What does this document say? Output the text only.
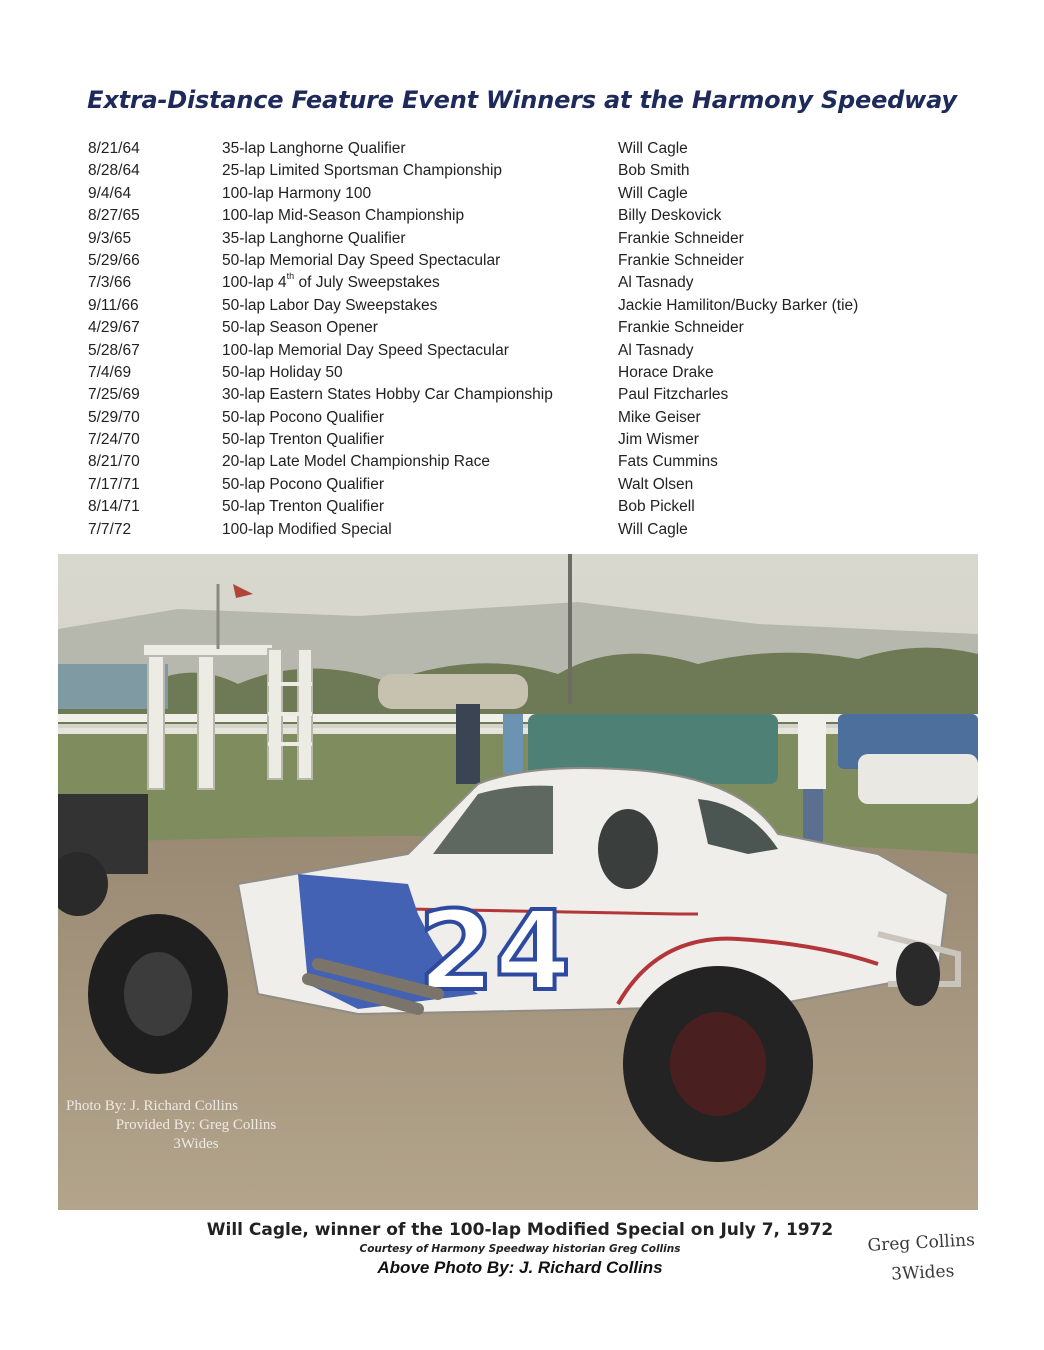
Extra-Distance Feature Event Winners at the Harmony Speedway
8/21/64	35-lap Langhorne Qualifier	Will Cagle
8/28/64	25-lap Limited Sportsman Championship	Bob Smith
9/4/64	100-lap Harmony 100	Will Cagle
8/27/65	100-lap Mid-Season Championship	Billy Deskovick
9/3/65	35-lap Langhorne Qualifier	Frankie Schneider
5/29/66	50-lap Memorial Day Speed Spectacular	Frankie Schneider
7/3/66	100-lap 4th of July Sweepstakes	Al Tasnady
9/11/66	50-lap Labor Day Sweepstakes	Jackie Hamiliton/Bucky Barker (tie)
4/29/67	50-lap Season Opener	Frankie Schneider
5/28/67	100-lap Memorial Day Speed Spectacular	Al Tasnady
7/4/69	50-lap Holiday 50	Horace Drake
7/25/69	30-lap Eastern States Hobby Car Championship	Paul Fitzcharles
5/29/70	50-lap Pocono Qualifier	Mike Geiser
7/24/70	50-lap Trenton Qualifier	Jim Wismer
8/21/70	20-lap Late Model Championship Race	Fats Cummins
7/17/71	50-lap Pocono Qualifier	Walt Olsen
8/14/71	50-lap Trenton Qualifier	Bob Pickell
7/7/72	100-lap Modified Special	Will Cagle
24
Photo By: J. Richard Collins
Provided By: Greg Collins
3Wides
Will Cagle, winner of the 100-lap Modified Special on July 7, 1972
Courtesy of Harmony Speedway historian Greg Collins
Above Photo By: J. Richard Collins
Greg Collins
3Wides
